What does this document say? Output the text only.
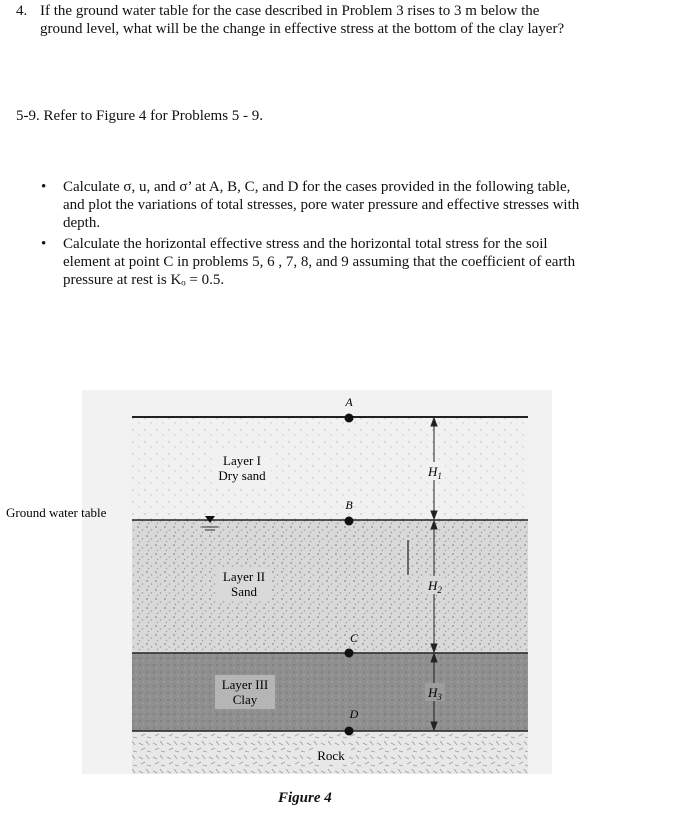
4. If the ground water table for the case described in Problem 3 rises to 3 m below the
ground level, what will be the change in effective stress at the bottom of the clay layer?
5-9. Refer to Figure 4 for Problems 5 - 9.
• Calculate σ, u, and σ’ at A, B, C, and D for the cases provided in the following table,
and plot the variations of total stresses, pore water pressure and effective stresses with
depth.
• Calculate the horizontal effective stress and the horizontal total stress for the soil
element at point C in problems 5, 6 , 7, 8, and 9 assuming that the coefficient of earth
pressure at rest is Kₒ = 0.5.
Layer I
Dry sand
Layer II
Sand
Layer III
Clay
Ground water table
Rock
A
B
C
D
$H_1$
$H_2$
$H_3$
Figure 4
